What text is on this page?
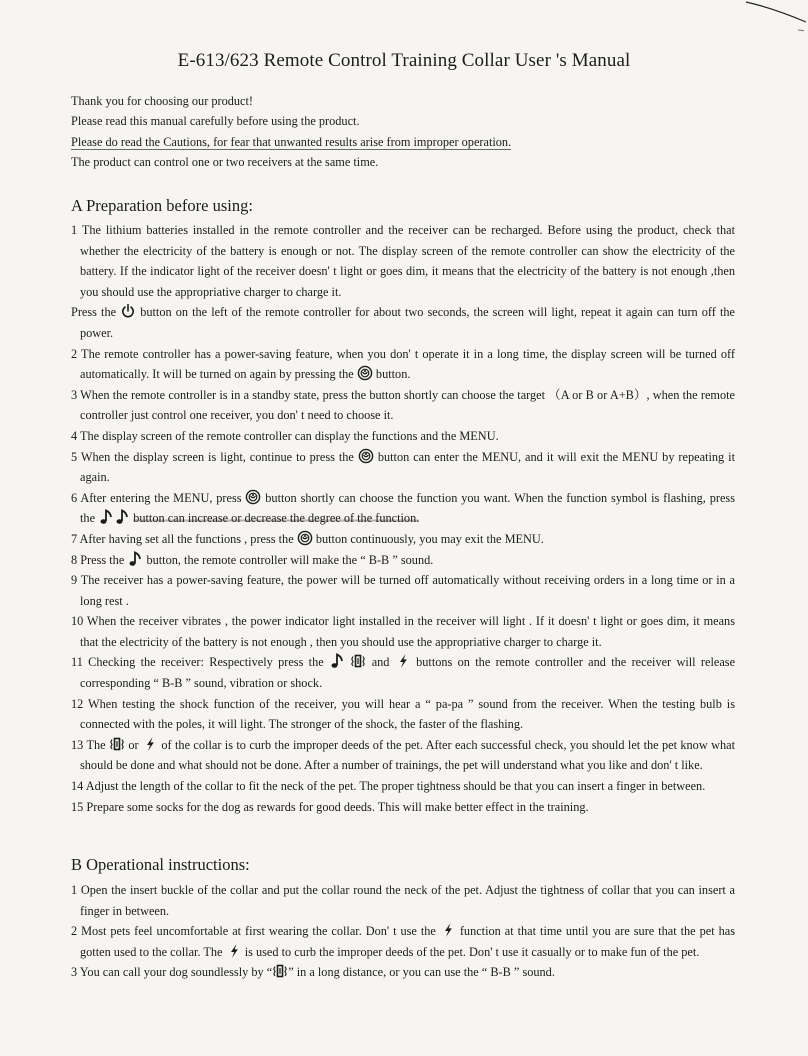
E-613/623 Remote Control Training Collar User 's Manual

Thank you for choosing our product!

Please read this manual carefully before using the product.

Please do read the Cautions, for fear that unwanted results arise from improper operation.

The product can control one or two receivers at the same time.

A Preparation before using:
1 The lithium batteries installed in the remote controller and the receiver can be recharged. Before using the product, check that whether the electricity of the battery is enough or not. The display screen of the remote controller can show the electricity of the battery. If the indicator light of the receiver doesn' t light or goes dim, it means that the electricity of the battery is not enough ,then you should use the appropriative charger to charge it.
Press the button on the left of the remote controller for about two seconds, the screen will light, repeat it again can turn off the power.
2 The remote controller has a power-saving feature, when you don' t operate it in a long time, the display screen will be turned off automatically. It will be turned on again by pressing the button.
3 When the remote controller is in a standby state, press the button shortly can choose the target （A or B or A+B）, when the remote controller just control one receiver, you don' t need to choose it.
4 The display screen of the remote controller can display the functions and the MENU.
5 When the display screen is light, continue to press the button can enter the MENU, and it will exit the MENU by repeating it again.
6 After entering the MENU, press button shortly can choose the function you want. When the function symbol is flashing, press the	button can increase or decrease the degree of the function.
7 After having set all the functions , press the button continuously, you may exit the MENU.
8 Press the button, the remote controller will make the “ B-B ” sound.
9 The receiver has a power-saving feature, the power will be turned off automatically without receiving orders in a long time or in a long rest .
10 When the receiver vibrates , the power indicator light installed in the receiver will light . If it doesn' t light or goes dim, it means that the electricity of the battery is not enough , then you should use the appropriative charger to charge it.
11 Checking the receiver: Respectively press the
	and buttons on the remote controller and the receiver will release corresponding “ B-B ” sound, vibration or shock.
12 When testing the shock function of the receiver, you will hear a “ pa-pa ” sound from the receiver. When the testing bulb is connected with the poles, it will light. The stronger of the shock, the faster of the flashing.
13 The or of the collar is to curb the improper deeds of the pet. After each successful check, you should let the pet know what should be done and what should not be done. After a number of trainings, the pet will understand what you like and don' t like.
14 Adjust the length of the collar to fit the neck of the pet. The proper tightness should be that you can insert a finger in between.
15 Prepare some socks for the dog as rewards for good deeds. This will make better effect in the training.
B Operational instructions:
1 Open the insert buckle of the collar and put the collar round the neck of the pet. Adjust the tightness of collar that you can insert a finger in between.
2 Most pets feel uncomfortable at first wearing the collar. Don' t use the function at that time until you are sure that the pet has gotten used to the collar. The is used to curb the improper deeds of the pet. Don' t use it casually or to make fun of the pet.
3 You can call your dog soundlessly by “ ” in a long distance, or you can use the “ B-B ” sound.
